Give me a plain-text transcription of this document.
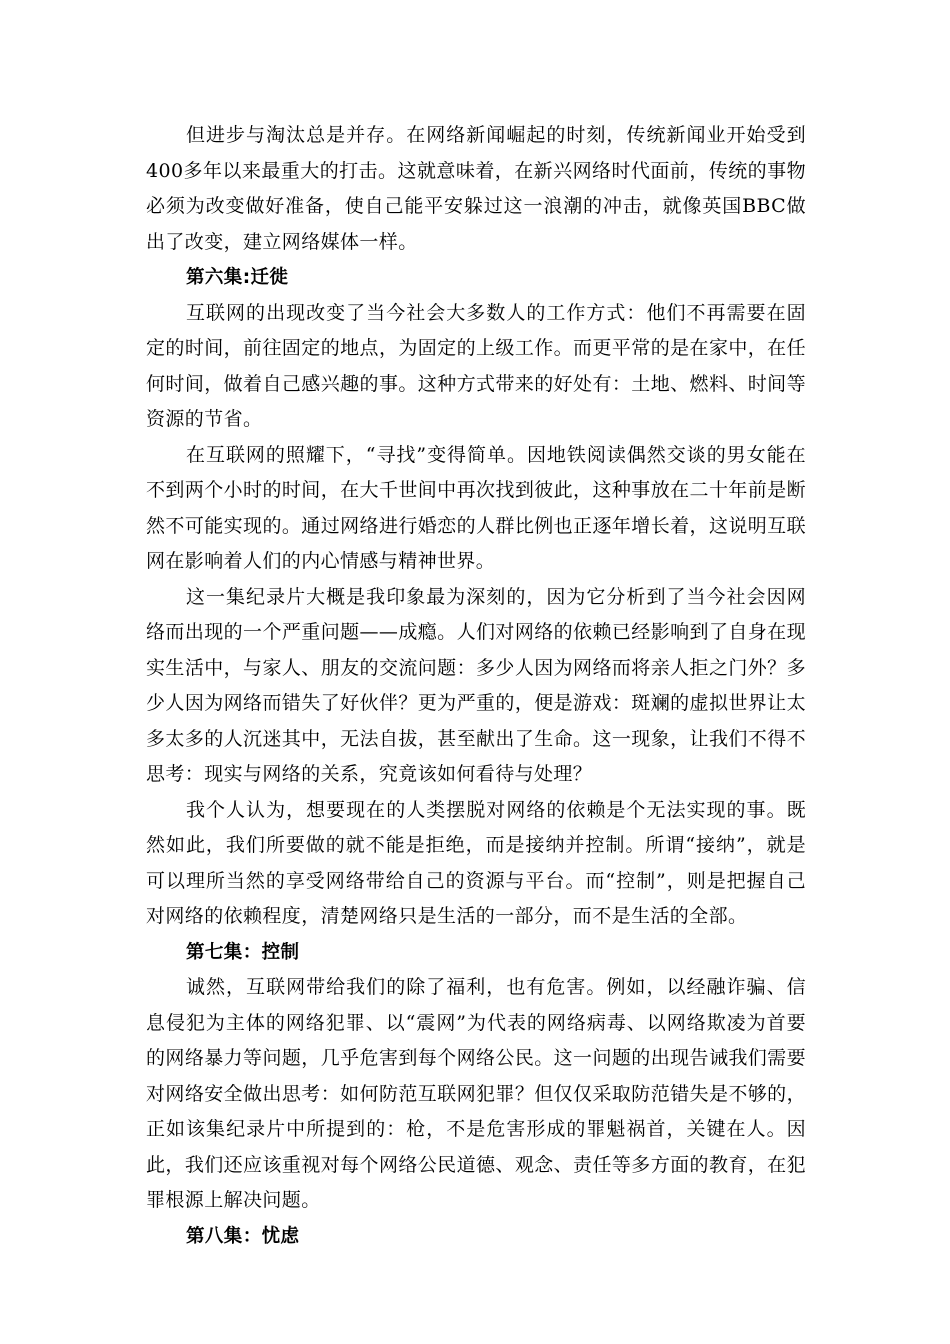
但进步与淘汰总是并存。在网络新闻崛起的时刻，传统新闻业开始受到400多年以来最重大的打击。这就意味着，在新兴网络时代面前，传统的事物必须为改变做好准备，使自己能平安躲过这一浪潮的冲击，就像英国BBC做出了改变，建立网络媒体一样。

第六集:迁徙

互联网的出现改变了当今社会大多数人的工作方式：他们不再需要在固定的时间，前往固定的地点，为固定的上级工作。而更平常的是在家中，在任何时间，做着自己感兴趣的事。这种方式带来的好处有：土地、燃料、时间等资源的节省。

在互联网的照耀下，“寻找”变得简单。因地铁阅读偶然交谈的男女能在不到两个小时的时间，在大千世间中再次找到彼此，这种事放在二十年前是断然不可能实现的。通过网络进行婚恋的人群比例也正逐年增长着，这说明互联网在影响着人们的内心情感与精神世界。

这一集纪录片大概是我印象最为深刻的，因为它分析到了当今社会因网络而出现的一个严重问题——成瘾。人们对网络的依赖已经影响到了自身在现实生活中，与家人、朋友的交流问题：多少人因为网络而将亲人拒之门外？多少人因为网络而错失了好伙伴？更为严重的，便是游戏：斑斓的虚拟世界让太多太多的人沉迷其中，无法自拔，甚至献出了生命。这一现象，让我们不得不思考：现实与网络的关系，究竟该如何看待与处理？

我个人认为，想要现在的人类摆脱对网络的依赖是个无法实现的事。既然如此，我们所要做的就不能是拒绝，而是接纳并控制。所谓“接纳”，就是可以理所当然的享受网络带给自己的资源与平台。而“控制”，则是把握自己对网络的依赖程度，清楚网络只是生活的一部分，而不是生活的全部。

第七集：控制

诚然，互联网带给我们的除了福利，也有危害。例如，以经融诈骗、信息侵犯为主体的网络犯罪、以“震网”为代表的网络病毒、以网络欺凌为首要的网络暴力等问题，几乎危害到每个网络公民。这一问题的出现告诫我们需要对网络安全做出思考：如何防范互联网犯罪？但仅仅采取防范错失是不够的，正如该集纪录片中所提到的：枪，不是危害形成的罪魁祸首，关键在人。因此，我们还应该重视对每个网络公民道德、观念、责任等多方面的教育，在犯罪根源上解决问题。

第八集：忧虑
